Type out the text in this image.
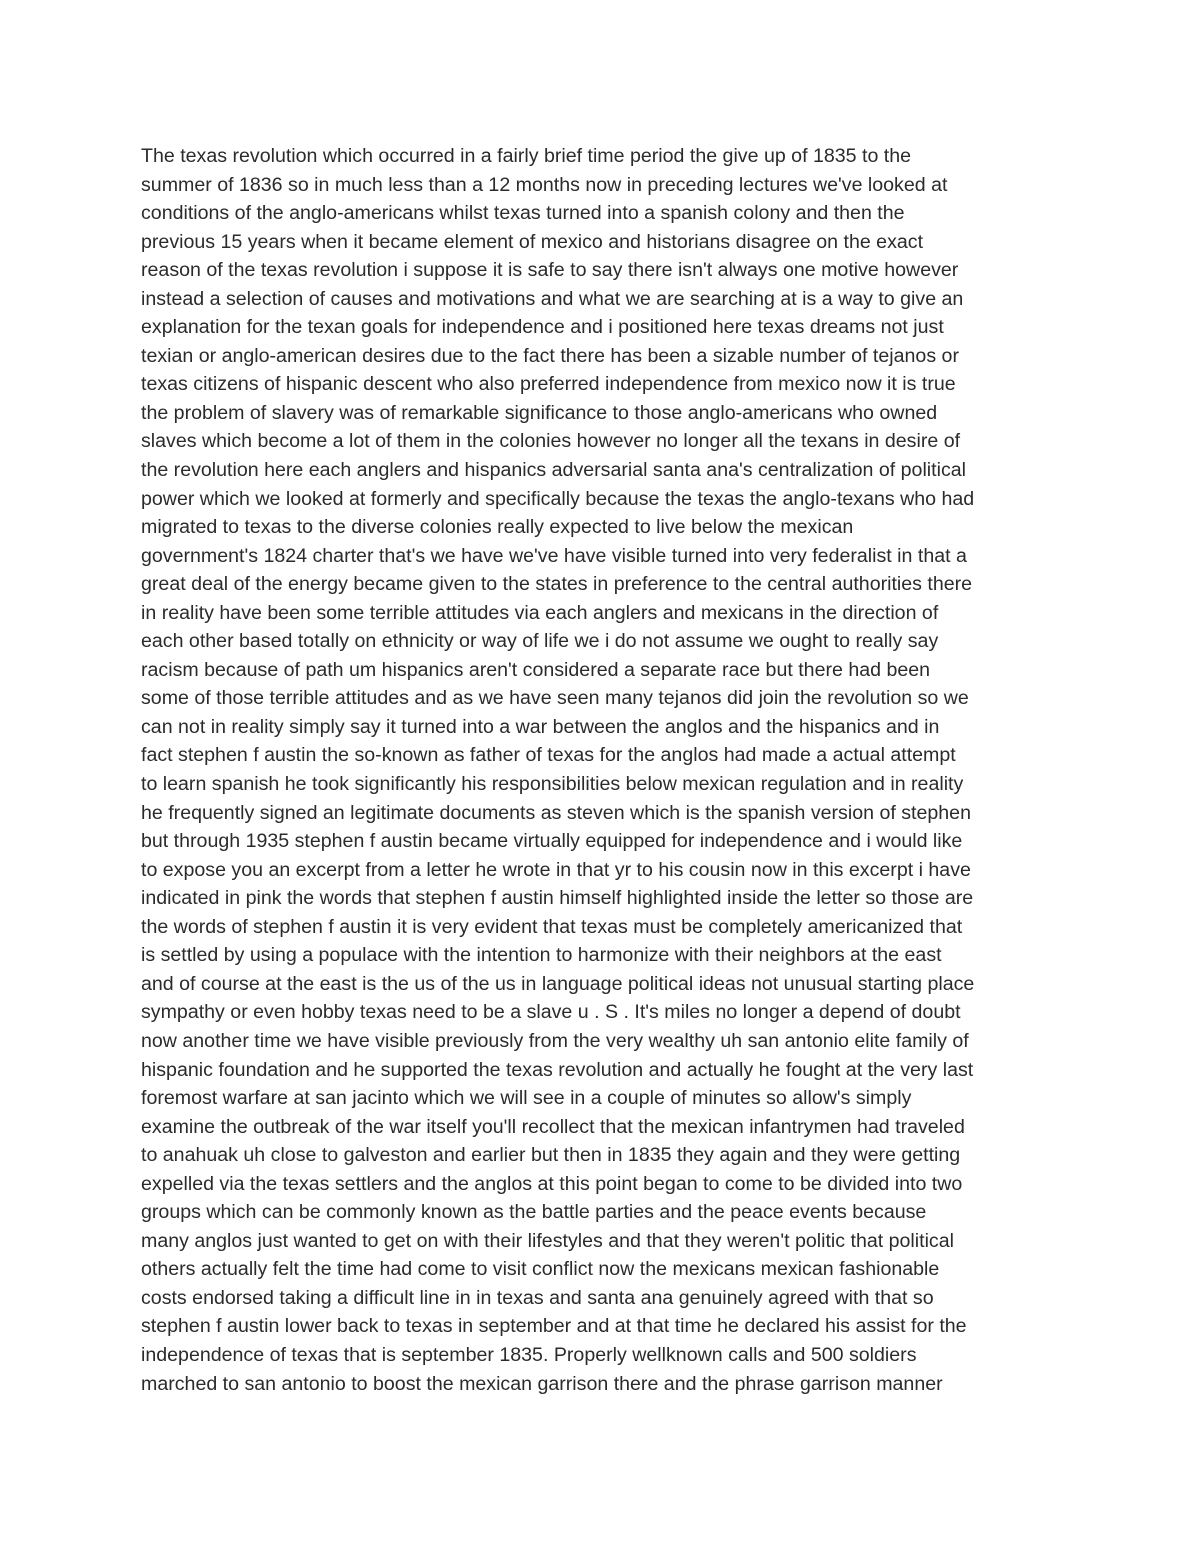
The texas revolution which occurred in a fairly brief time period the give up of 1835 to the
summer of 1836 so in much less than a 12 months now in preceding lectures we've looked at
conditions of the anglo-americans whilst texas turned into a spanish colony and then the
previous 15 years when it became element of mexico and historians disagree on the exact
reason of the texas revolution i suppose it is safe to say there isn't always one motive however
instead a selection of causes and motivations and what we are searching at is a way to give an
explanation for the texan goals for independence and i positioned here texas dreams not just
texian or anglo-american desires due to the fact there has been a sizable number of tejanos or
texas citizens of hispanic descent who also preferred independence from mexico now it is true
the problem of slavery was of remarkable significance to those anglo-americans who owned
slaves which become a lot of them in the colonies however no longer all the texans in desire of
the revolution here each anglers and hispanics adversarial santa ana's centralization of political
power which we looked at formerly and specifically because the texas the anglo-texans who had
migrated to texas to the diverse colonies really expected to live below the mexican
government's 1824 charter that's we have we've have visible turned into very federalist in that a
great deal of the energy became given to the states in preference to the central authorities there
in reality have been some terrible attitudes via each anglers and mexicans in the direction of
each other based totally on ethnicity or way of life we i do not assume we ought to really say
racism because of path um hispanics aren't considered a separate race but there had been
some of those terrible attitudes and as we have seen many tejanos did join the revolution so we
can not in reality simply say it turned into a war between the anglos and the hispanics and in
fact stephen f austin the so-known as father of texas for the anglos had made a actual attempt
to learn spanish he took significantly his responsibilities below mexican regulation and in reality
he frequently signed an legitimate documents as steven which is the spanish version of stephen
but through 1935 stephen f austin became virtually equipped for independence and i would like
to expose you an excerpt from a letter he wrote in that yr to his cousin now in this excerpt i have
indicated in pink the words that stephen f austin himself highlighted inside the letter so those are
the words of stephen f austin it is very evident that texas must be completely americanized that
is settled by using a populace with the intention to harmonize with their neighbors at the east
and of course at the east is the us of the us in language political ideas not unusual starting place
sympathy or even hobby texas need to be a slave u . S . It's miles no longer a depend of doubt
now another time we have visible previously from the very wealthy uh san antonio elite family of
hispanic foundation and he supported the texas revolution and actually he fought at the very last
foremost warfare at san jacinto which we will see in a couple of minutes so allow's simply
examine the outbreak of the war itself you'll recollect that the mexican infantrymen had traveled
to anahuak uh close to galveston and earlier but then in 1835 they again and they were getting
expelled via the texas settlers and the anglos at this point began to come to be divided into two
groups which can be commonly known as the battle parties and the peace events because
many anglos just wanted to get on with their lifestyles and that they weren't politic that political
others actually felt the time had come to visit conflict now the mexicans mexican fashionable
costs endorsed taking a difficult line in in texas and santa ana genuinely agreed with that so
stephen f austin lower back to texas in september and at that time he declared his assist for the
independence of texas that is september 1835. Properly wellknown calls and 500 soldiers
marched to san antonio to boost the mexican garrison there and the phrase garrison manner
